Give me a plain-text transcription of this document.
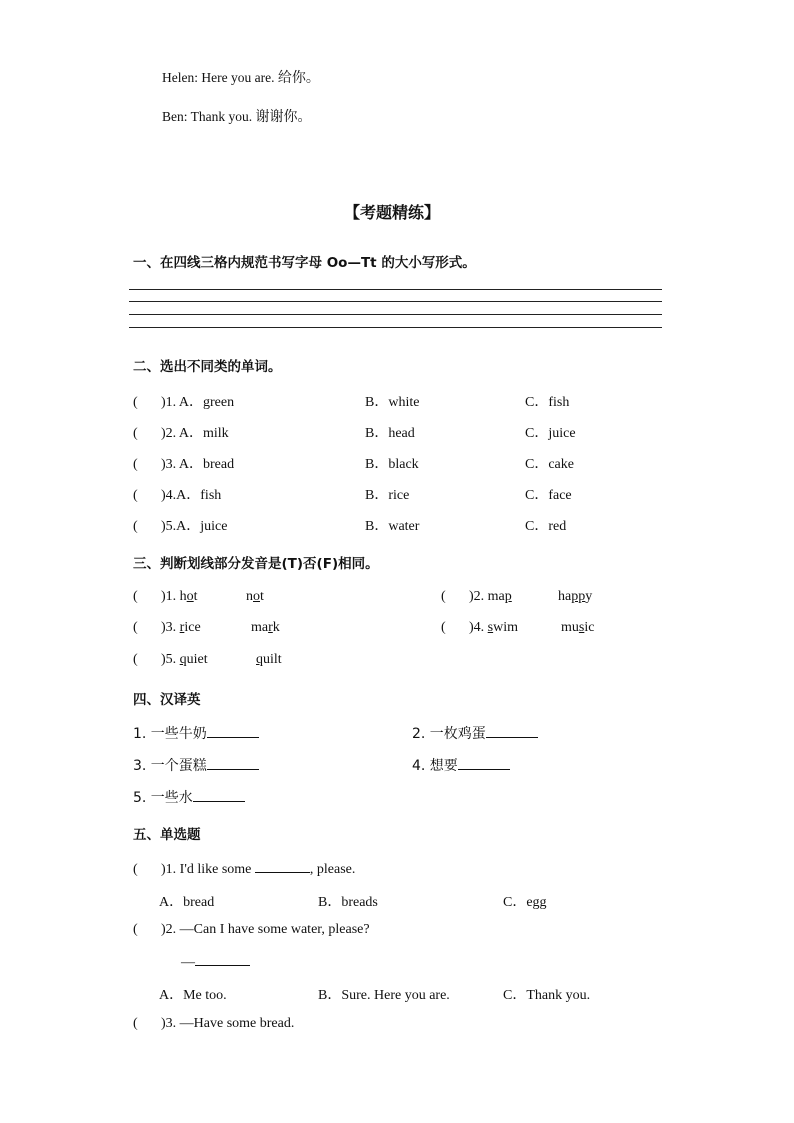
Helen: Here you are. 给你。
Ben: Thank you. 谢谢你。
【考题精练】
一、在四线三格内规范书写字母 Oo—Tt 的大小写形式。
二、选出不同类的单词。
( )1. A．green	B．white	C．fish
( )2. A．milk	B．head	C．juice
( )3. A．bread	B．black	C．cake
( )4.A．fish	B．rice	C．face
( )5.A．juice	B．water	C．red
三、判断划线部分发音是(T)否(F)相同。
( )1. hot	not	( )2. map	happy
( )3. rice	mark	( )4. swim	music
( )5. quiet	quilt
四、汉译英
1. 一些牛奶	2. 一枚鸡蛋
3. 一个蛋糕	4. 想要
5. 一些水
五、单选题
( )1. I'd like some	, please.
A．bread	B．breads	C．egg
( )2. —Can I have some water, please?
—
A．Me too.	B．Sure. Here you are.	C．Thank you.
( )3. —Have some bread.
